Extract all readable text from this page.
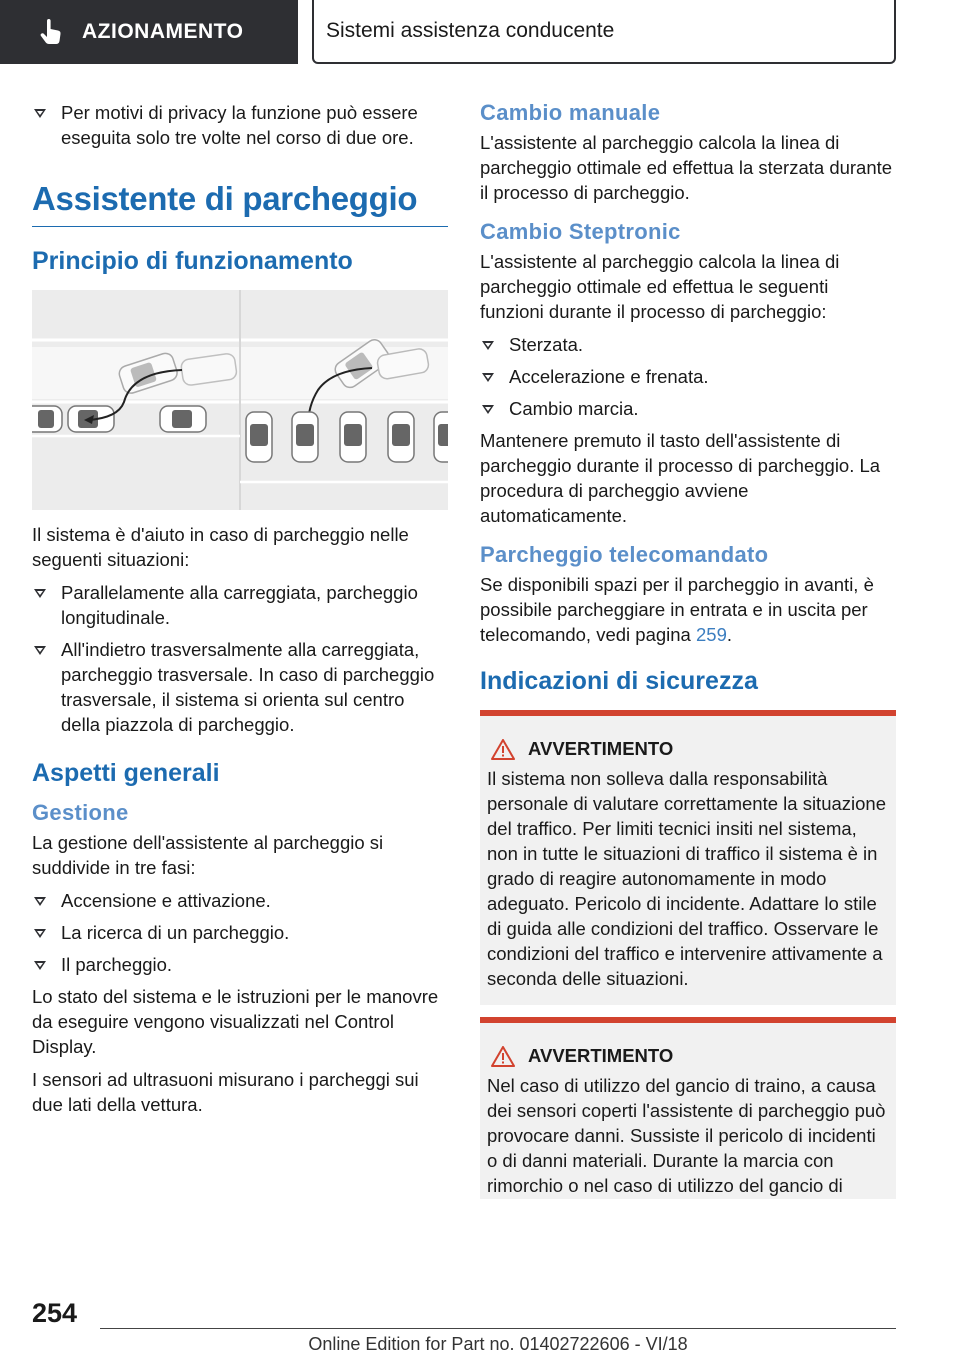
AZIONAMENTO	Sistemi assistenza conducente
Per motivi di privacy la funzione può essere eseguita solo tre volte nel corso di due ore.
Assistente di parcheggio
Principio di funzionamento
Il sistema è d'aiuto in caso di parcheggio nelle seguenti situazioni:
Parallelamente alla carreggiata, parcheggio longitudinale.
All'indietro trasversalmente alla carreggiata, parcheggio trasversale. In caso di parcheggio trasversale, il sistema si orienta sul centro della piazzola di parcheggio.
Aspetti generali
Gestione
La gestione dell'assistente al parcheggio si suddivide in tre fasi:
Accensione e attivazione.
La ricerca di un parcheggio.
Il parcheggio.
Lo stato del sistema e le istruzioni per le manovre da eseguire vengono visualizzati nel Control Display.
I sensori ad ultrasuoni misurano i parcheggi sui due lati della vettura.
Cambio manuale
L'assistente al parcheggio calcola la linea di parcheggio ottimale ed effettua la sterzata durante il processo di parcheggio.
Cambio Steptronic
L'assistente al parcheggio calcola la linea di parcheggio ottimale ed effettua le seguenti funzioni durante il processo di parcheggio:
Sterzata.
Accelerazione e frenata.
Cambio marcia.
Mantenere premuto il tasto dell'assistente di parcheggio durante il processo di parcheggio. La procedura di parcheggio avviene automaticamente.
Parcheggio telecomandato
Se disponibili spazi per il parcheggio in avanti, è possibile parcheggiare in entrata e in uscita per telecomando, vedi pagina 259.
Indicazioni di sicurezza
AVVERTIMENTO
Il sistema non solleva dalla responsabilità personale di valutare correttamente la situazione del traffico. Per limiti tecnici insiti nel sistema, non in tutte le situazioni di traffico il sistema è in grado di reagire autonomamente in modo adeguato. Pericolo di incidente. Adattare lo stile di guida alle condizioni del traffico. Osservare le condizioni del traffico e intervenire attivamente a seconda delle situazioni.
AVVERTIMENTO
Nel caso di utilizzo del gancio di traino, a causa dei sensori coperti l'assistente di parcheggio può provocare danni. Sussiste il pericolo di incidenti o di danni materiali. Durante la marcia con rimorchio o nel caso di utilizzo del gancio di
254
Online Edition for Part no. 01402722606 - VI/18
